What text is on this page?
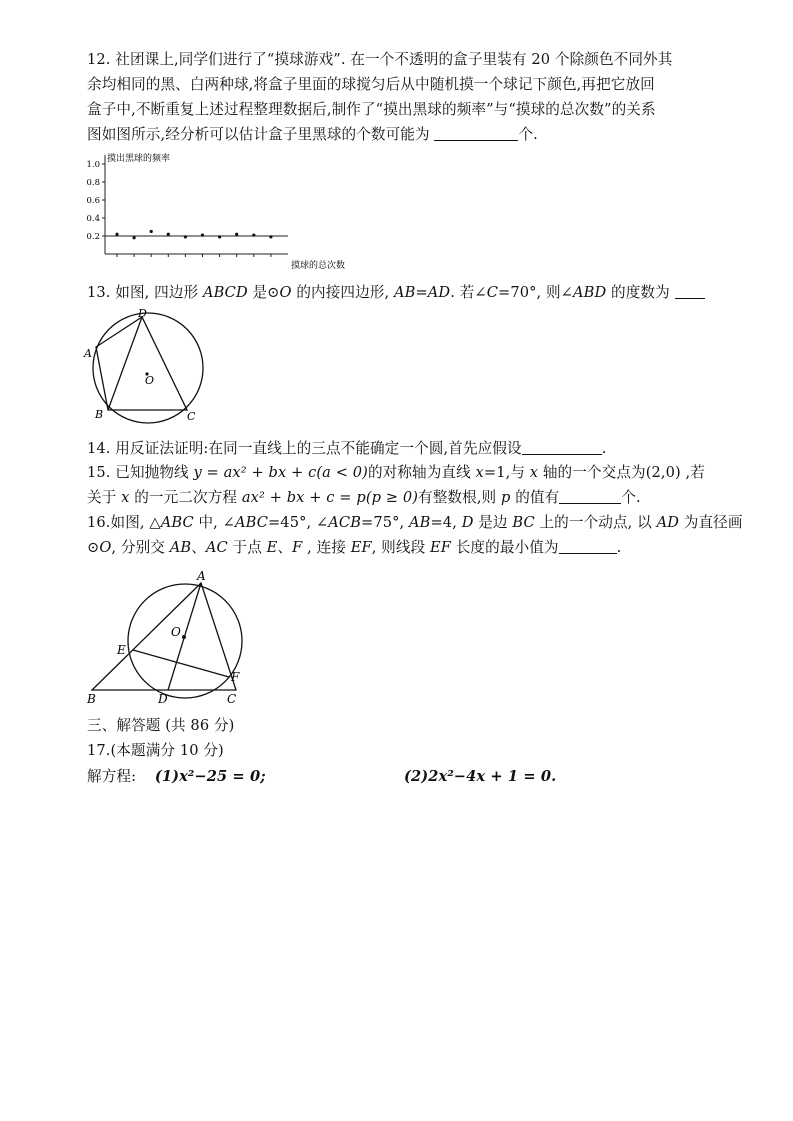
12. 社团课上,同学们进行了“摸球游戏”. 在一个不透明的盒子里装有 20 个除颜色不同外其
余均相同的黑、白两种球,将盒子里面的球搅匀后从中随机摸一个球记下颜色,再把它放回
盒子中,不断重复上述过程整理数据后,制作了“摸出黑球的频率”与“摸球的总次数”的关系
图如图所示,经分析可以估计盒子里黑球的个数可能为	个.
1.0
0.8
0.6
0.4
0.2
摸出黑球的频率
摸球的总次数
13. 如图, 四边形 ABCD 是⊙O 的内接四边形, AB=AD. 若∠C=70°, 则∠ABD 的度数为
D
A
O
B	C
14. 用反证法证明:在同一直线上的三点不能确定一个圆,首先应假设	.
15. 已知抛物线 y = ax² + bx + c(a < 0)的对称轴为直线 x=1,与 x 轴的一个交点为(2,0) ,若
关于 x 的一元二次方程 ax² + bx + c = p(p ≥ 0)有整数根,则 p 的值有	个.
16.如图, △ABC 中, ∠ABC=45°, ∠ACB=75°, AB=4, D 是边 BC 上的一个动点, 以 AD 为直径画
⊙O, 分别交 AB、AC 于点 E、F , 连接 EF, 则线段 EF 长度的最小值为	.
A
O
E
F
B	D	C
三、解答题 (共 86 分)
17.(本题满分 10 分)
解方程: (1)x²−25 = 0;	(2)2x²−4x + 1 = 0.
